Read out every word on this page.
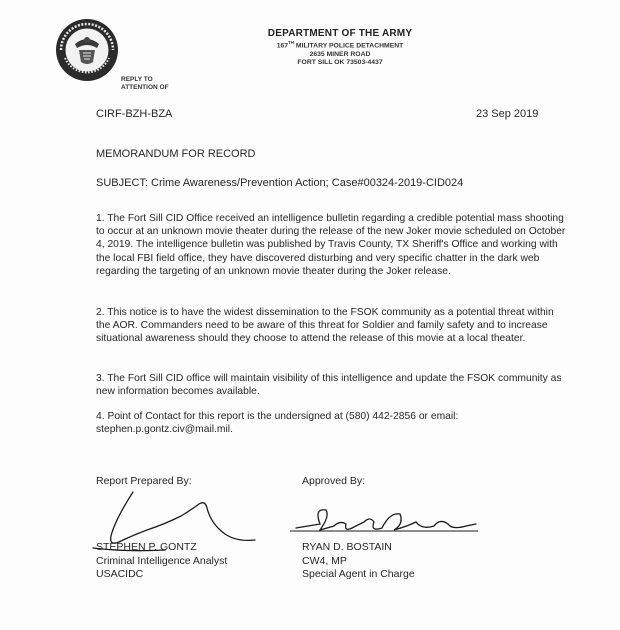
REPLY TO
ATTENTION OF
DEPARTMENT OF THE ARMY
167TH MILITARY POLICE DETACHMENT
2635 MINER ROAD
FORT SILL OK 73503-4437
CIRF-BZH-BZA	23 Sep 2019
MEMORANDUM FOR RECORD
SUBJECT: Crime Awareness/Prevention Action; Case#00324-2019-CID024
1. The Fort Sill CID Office received an intelligence bulletin regarding a credible potential mass shooting to occur at an unknown movie theater during the release of the new Joker movie scheduled on October 4, 2019. The intelligence bulletin was published by Travis County, TX Sheriff's Office and working with the local FBI field office, they have discovered disturbing and very specific chatter in the dark web regarding the targeting of an unknown movie theater during the Joker release.
2. This notice is to have the widest dissemination to the FSOK community as a potential threat within the AOR. Commanders need to be aware of this threat for Soldier and family safety and to increase situational awareness should they choose to attend the release of this movie at a local theater.
3. The Fort Sill CID office will maintain visibility of this intelligence and update the FSOK community as new information becomes available.
4. Point of Contact for this report is the undersigned at (580) 442-2856 or email: stephen.p.gontz.civ@mail.mil.
Report Prepared By:	Approved By:
STEPHEN P. GONTZ
Criminal Intelligence Analyst
USACIDC
RYAN D. BOSTAIN
CW4, MP
Special Agent in Charge
